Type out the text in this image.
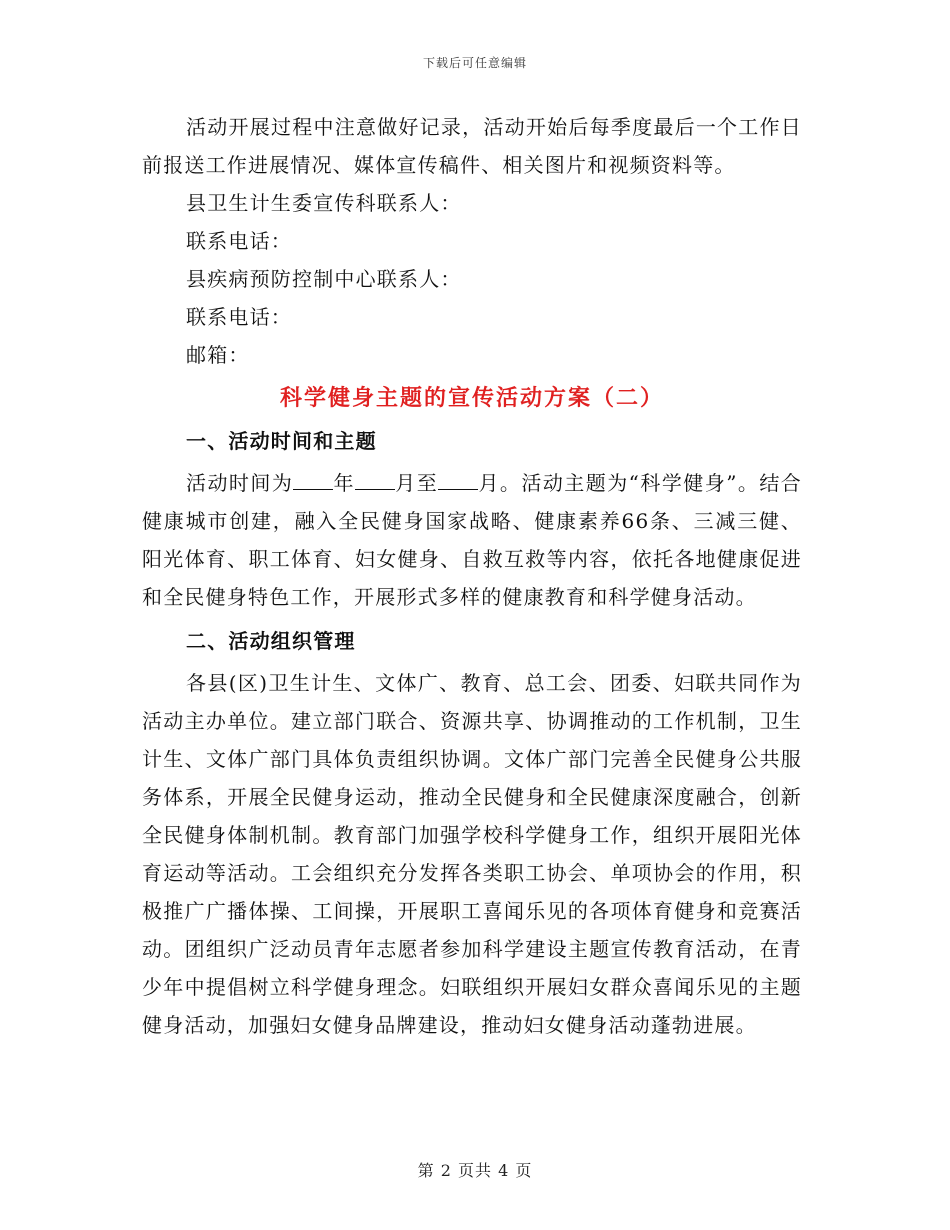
下载后可任意编辑

活动开展过程中注意做好记录，活动开始后每季度最后一个工作日前报送工作进展情况、媒体宣传稿件、相关图片和视频资料等。

县卫生计生委宣传科联系人：

联系电话：

县疾病预防控制中心联系人：

联系电话：

邮箱：

科学健身主题的宣传活动方案（二）

一、活动时间和主题

活动时间为 年 月至 月。活动主题为“科学健身”。结合健康城市创建，融入全民健身国家战略、健康素养66条、三减三健、阳光体育、职工体育、妇女健身、自救互救等内容，依托各地健康促进和全民健身特色工作，开展形式多样的健康教育和科学健身活动。

二、活动组织管理

各县(区)卫生计生、文体广、教育、总工会、团委、妇联共同作为活动主办单位。建立部门联合、资源共享、协调推动的工作机制，卫生计生、文体广部门具体负责组织协调。文体广部门完善全民健身公共服务体系，开展全民健身运动，推动全民健身和全民健康深度融合，创新全民健身体制机制。教育部门加强学校科学健身工作，组织开展阳光体育运动等活动。工会组织充分发挥各类职工协会、单项协会的作用，积极推广广播体操、工间操，开展职工喜闻乐见的各项体育健身和竞赛活动。团组织广泛动员青年志愿者参加科学建设主题宣传教育活动，在青少年中提倡树立科学健身理念。妇联组织开展妇女群众喜闻乐见的主题健身活动，加强妇女健身品牌建设，推动妇女健身活动蓬勃进展。

第 2 页共 4 页
